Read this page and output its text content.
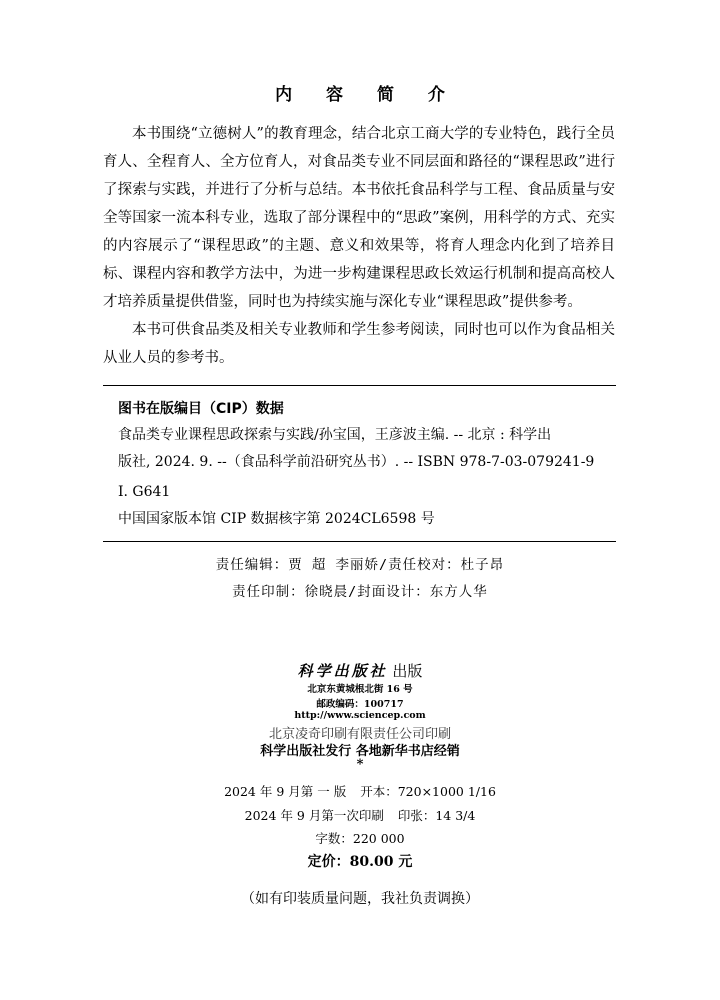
内 容 简 介

本书围绕“立德树人”的教育理念，结合北京工商大学的专业特色，践行全员育人、全程育人、全方位育人，对食品类专业不同层面和路径的“课程思政”进行了探索与实践，并进行了分析与总结。本书依托食品科学与工程、食品质量与安全等国家一流本科专业，选取了部分课程中的“思政”案例，用科学的方式、充实的内容展示了“课程思政”的主题、意义和效果等，将育人理念内化到了培养目标、课程内容和教学方法中，为进一步构建课程思政长效运行机制和提高高校人才培养质量提供借鉴，同时也为持续实施与深化专业“课程思政”提供参考。

本书可供食品类及相关专业教师和学生参考阅读，同时也可以作为食品相关从业人员的参考书。

图书在版编目（CIP）数据
食品类专业课程思政探索与实践/孙宝国，王彦波主编. -- 北京 : 科学出
版社, 2024. 9. --（食品科学前沿研究丛书）. -- ISBN 978-7-03-079241-9
Ⅰ. G641
中国国家版本馆 CIP 数据核字第 2024CL6598 号
责任编辑：贾 超 李丽娇/责任校对：杜子昂
责任印制：徐晓晨/封面设计：东方人华
科学出版社 出版
北京东黄城根北街 16 号
邮政编码：100717
http://www.sciencep.com
北京凌奇印刷有限责任公司印刷
科学出版社发行 各地新华书店经销
*
2024 年 9 月第 一 版 开本：720×1000 1/16
2024 年 9 月第一次印刷 印张：14 3/4
字数：220 000
定价：80.00 元
（如有印装质量问题，我社负责调换）
